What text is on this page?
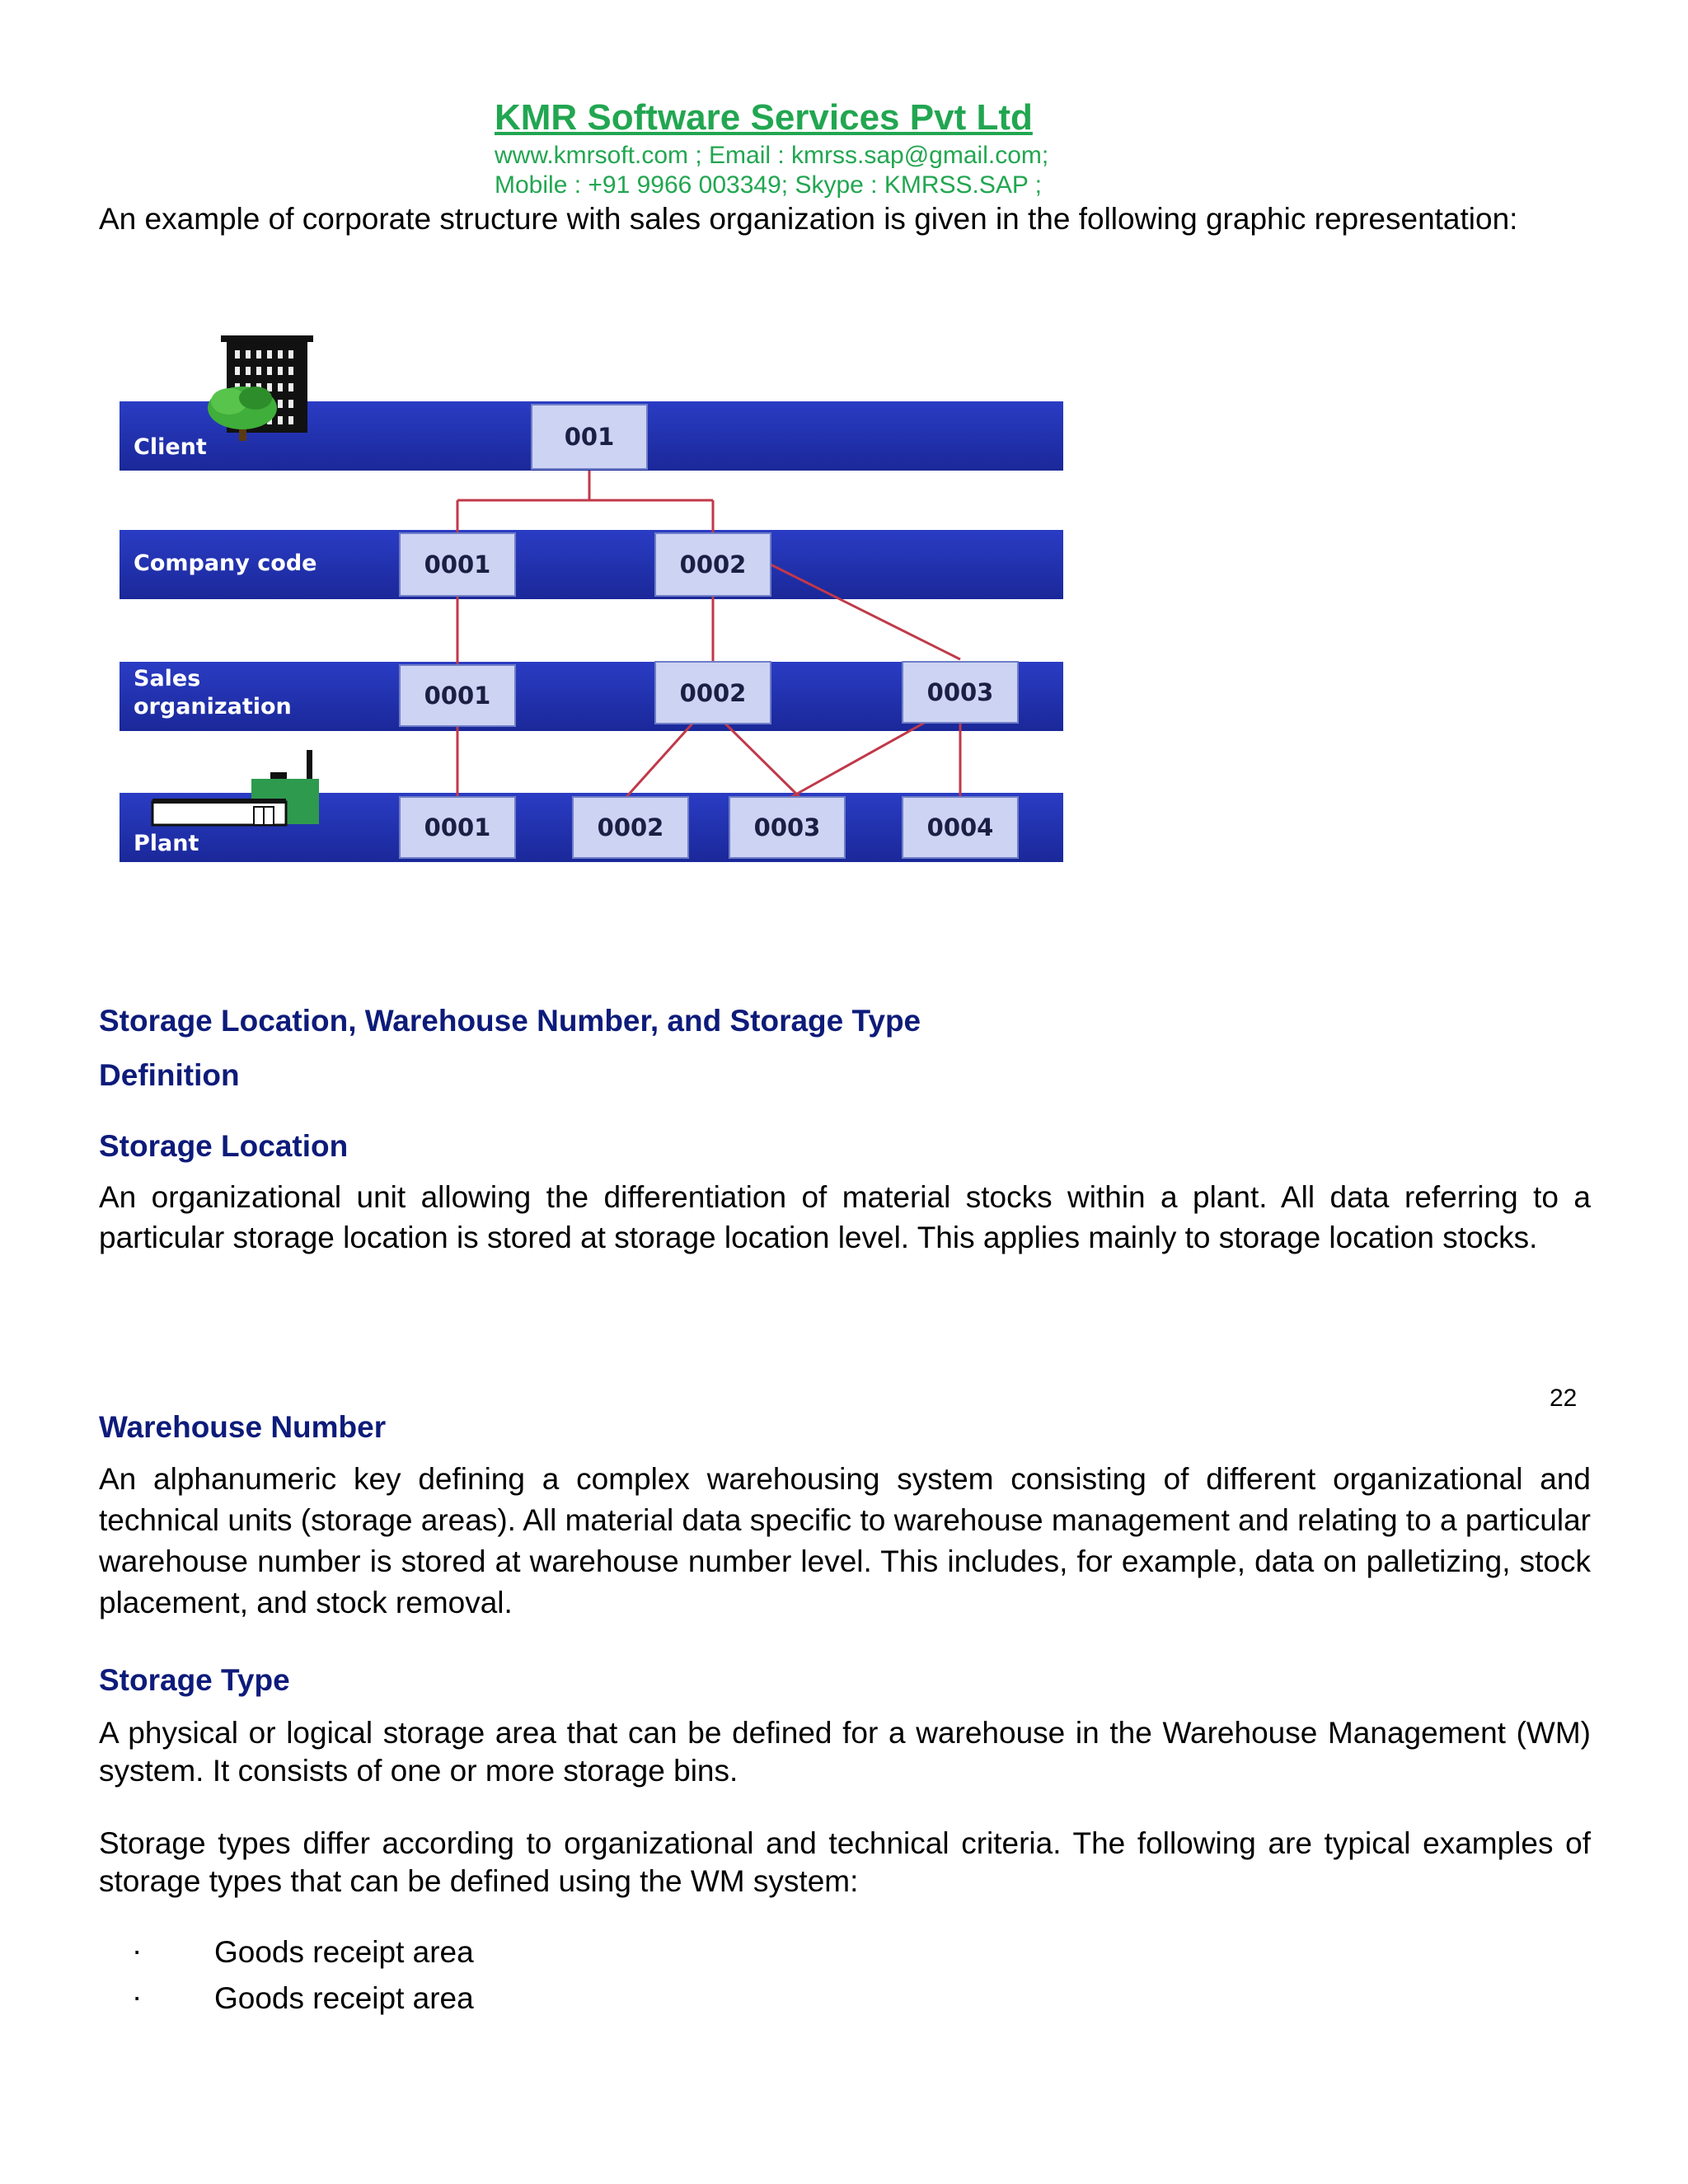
KMR Software Services Pvt Ltd
www.kmrsoft.com ; Email : kmrss.sap@gmail.com;
Mobile : +91 9966 003349; Skype : KMRSS.SAP ;
An example of corporate structure with sales organization is given in the following graphic representation:
Client
Company code
Sales
organization
Plant
001
0001	0002
0001	0002	0003
0001	0002	0003	0004
Storage Location, Warehouse Number, and Storage Type
Definition
Storage Location
An organizational unit allowing the differentiation of material stocks within a plant. All data referring to a particular storage location is stored at storage location level. This applies mainly to storage location stocks.
22
Warehouse Number
An alphanumeric key defining a complex warehousing system consisting of different organizational and technical units (storage areas). All material data specific to warehouse management and relating to a particular warehouse number is stored at warehouse number level. This includes, for example, data on palletizing, stock placement, and stock removal.
Storage Type
A physical or logical storage area that can be defined for a warehouse in the Warehouse Management (WM) system. It consists of one or more storage bins.
Storage types differ according to organizational and technical criteria. The following are typical examples of storage types that can be defined using the WM system:
· Goods receipt area
· Goods receipt area
